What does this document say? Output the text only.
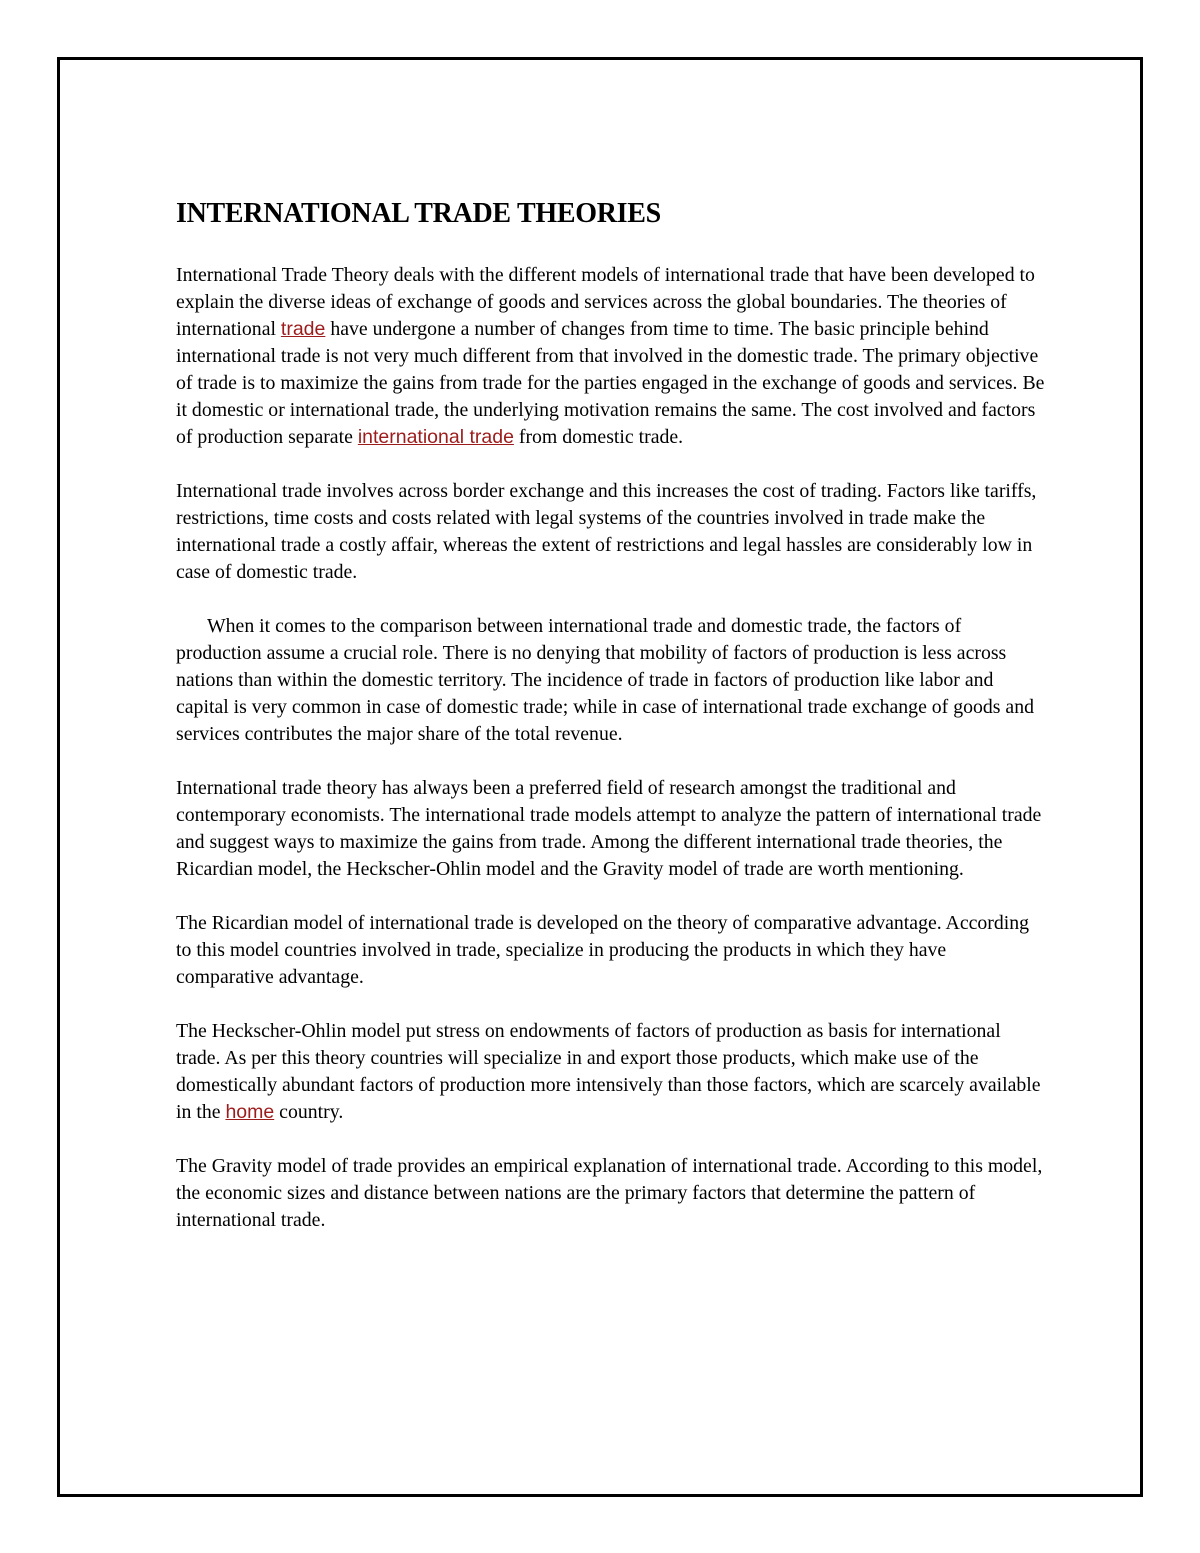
INTERNATIONAL TRADE THEORIES

International Trade Theory deals with the different models of international trade that have been developed to explain the diverse ideas of exchange of goods and services across the global boundaries. The theories of international trade have undergone a number of changes from time to time. The basic principle behind international trade is not very much different from that involved in the domestic trade. The primary objective of trade is to maximize the gains from trade for the parties engaged in the exchange of goods and services. Be it domestic or international trade, the underlying motivation remains the same. The cost involved and factors of production separate international trade from domestic trade.

International trade involves across border exchange and this increases the cost of trading. Factors like tariffs, restrictions, time costs and costs related with legal systems of the countries involved in trade make the international trade a costly affair, whereas the extent of restrictions and legal hassles are considerably low in case of domestic trade.

When it comes to the comparison between international trade and domestic trade, the factors of production assume a crucial role. There is no denying that mobility of factors of production is less across nations than within the domestic territory. The incidence of trade in factors of production like labor and capital is very common in case of domestic trade; while in case of international trade exchange of goods and services contributes the major share of the total revenue.

International trade theory has always been a preferred field of research amongst the traditional and contemporary economists. The international trade models attempt to analyze the pattern of international trade and suggest ways to maximize the gains from trade. Among the different international trade theories, the Ricardian model, the Heckscher-Ohlin model and the Gravity model of trade are worth mentioning.

The Ricardian model of international trade is developed on the theory of comparative advantage. According to this model countries involved in trade, specialize in producing the products in which they have comparative advantage.

The Heckscher-Ohlin model put stress on endowments of factors of production as basis for international trade. As per this theory countries will specialize in and export those products, which make use of the domestically abundant factors of production more intensively than those factors, which are scarcely available in the home country.

The Gravity model of trade provides an empirical explanation of international trade. According to this model, the economic sizes and distance between nations are the primary factors that determine the pattern of international trade.
